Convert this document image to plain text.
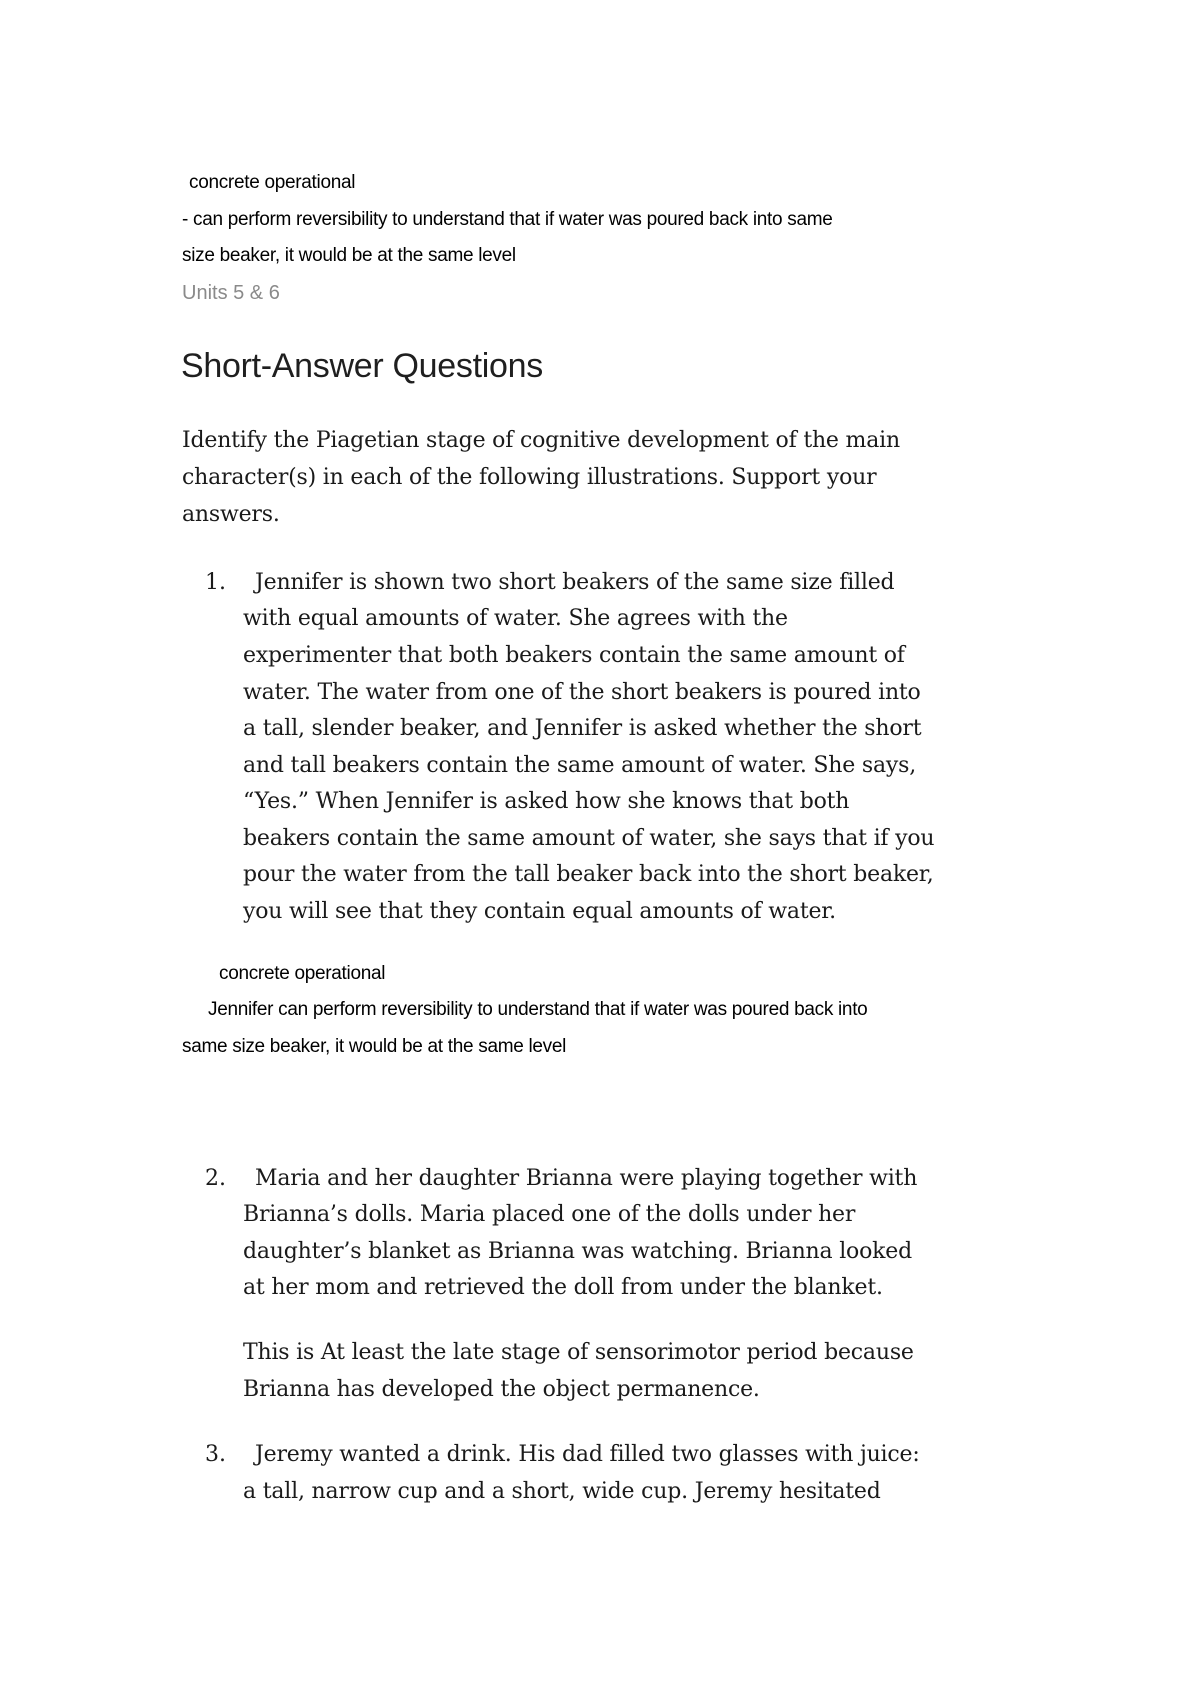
concrete operational
- can perform reversibility to understand that if water was poured back into same
size beaker, it would be at the same level
Units 5 & 6
Short-Answer Questions
Identify the Piagetian stage of cognitive development of the main
character(s) in each of the following illustrations. Support your
answers.
1. Jennifer is shown two short beakers of the same size filled
with equal amounts of water. She agrees with the
experimenter that both beakers contain the same amount of
water. The water from one of the short beakers is poured into
a tall, slender beaker, and Jennifer is asked whether the short
and tall beakers contain the same amount of water. She says,
“Yes.” When Jennifer is asked how she knows that both
beakers contain the same amount of water, she says that if you
pour the water from the tall beaker back into the short beaker,
you will see that they contain equal amounts of water.
concrete operational
Jennifer can perform reversibility to understand that if water was poured back into
same size beaker, it would be at the same level
2. Maria and her daughter Brianna were playing together with
Brianna’s dolls. Maria placed one of the dolls under her
daughter’s blanket as Brianna was watching. Brianna looked
at her mom and retrieved the doll from under the blanket.
This is At least the late stage of sensorimotor period because
Brianna has developed the object permanence.
3. Jeremy wanted a drink. His dad filled two glasses with juice:
a tall, narrow cup and a short, wide cup. Jeremy hesitated
